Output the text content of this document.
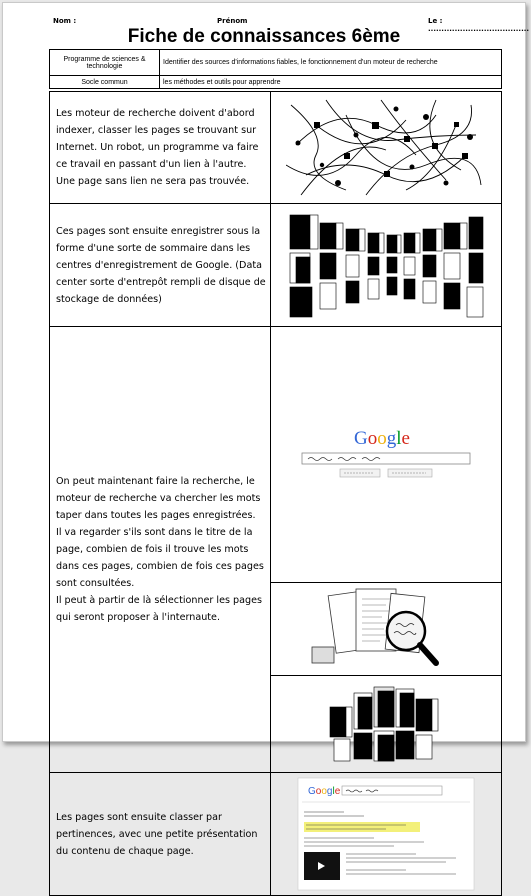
Nom :	Prénom	Le : ......................................
Fiche de connaissances 6ème
Programme de sciences & technologie	Identifier des sources d'informations fiables, le fonctionnement d'un moteur de recherche
Socle commun	les méthodes et outils pour apprendre
Les moteur de recherche doivent d'abord indexer, classer les pages se trouvant sur Internet. Un robot, un programme va faire ce travail en passant d'un lien à l'autre. Une page sans lien ne sera pas trouvée.	

Ces pages sont ensuite enregistrer sous la forme d'une sorte de sommaire dans les centres d'enregistrement de Google. (Data center sorte d'entrepôt rempli de disque de stockage de données)	

On peut maintenant faire la recherche, le moteur de recherche va chercher les mots taper dans toutes les pages enregistrées.
Il va regarder s'ils sont dans le titre de la page, combien de fois il trouve les mots dans ces pages, combien de fois ces pages sont consultées.
Il peut à partir de là sélectionner les pages qui seront proposer à l'internaute.	Google

Les pages sont ensuite classer par pertinences, avec une petite présentation du contenu de chaque page.	Google
